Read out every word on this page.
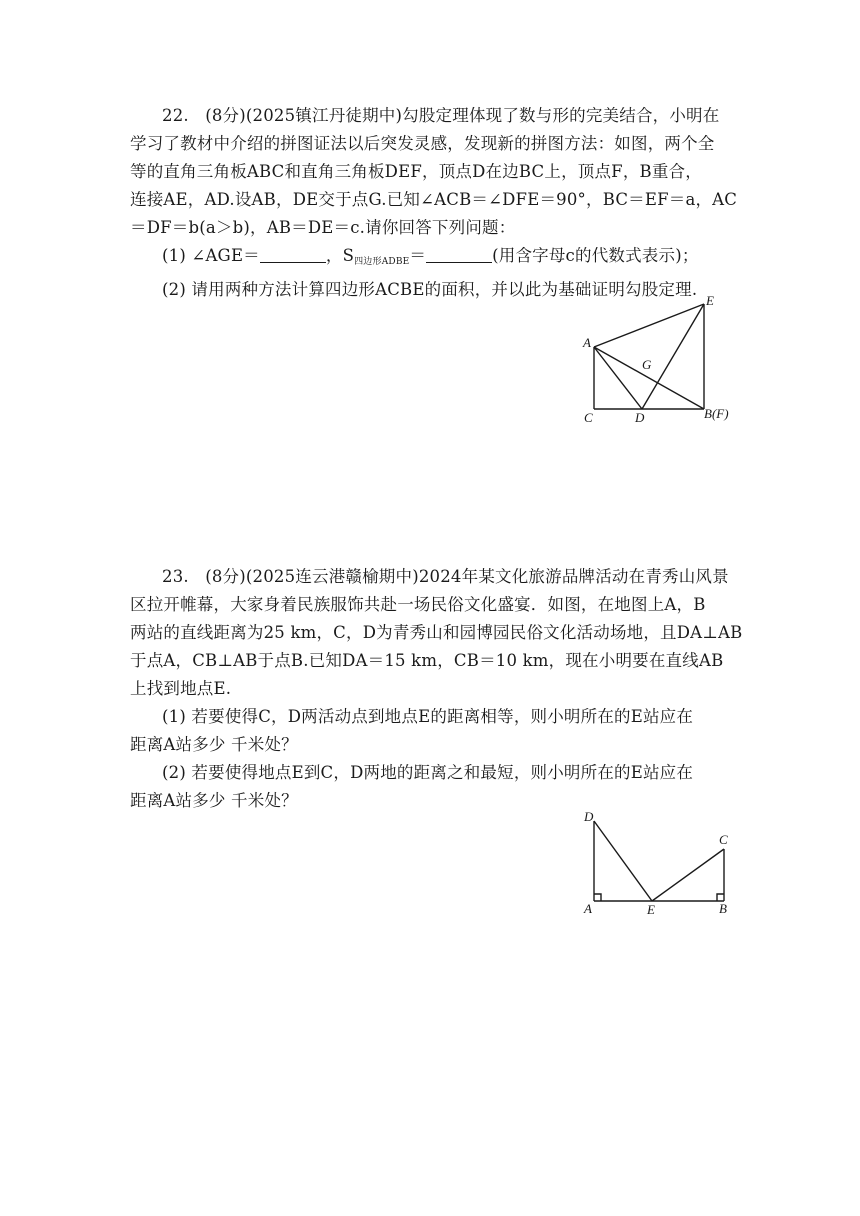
22. (8分)(2025镇江丹徒期中)勾股定理体现了数与形的完美结合，小明在
学习了教材中介绍的拼图证法以后突发灵感，发现新的拼图方法：如图，两个全
等的直角三角板ABC和直角三角板DEF，顶点D在边BC上，顶点F，B重合，
连接AE，AD.设AB，DE交于点G.已知∠ACB＝∠DFE＝90°，BC＝EF＝a，AC
＝DF＝b(a＞b)，AB＝DE＝c.请你回答下列问题：
(1) ∠AGE＝	，$S_{四边形ADBE}=$	(用含字母c的代数式表示)；
(2) 请用两种方法计算四边形ACBE的面积，并以此为基础证明勾股定理.
A
C	D
G
E
B(F)
23. (8分)(2025连云港赣榆期中)2024年某文化旅游品牌活动在青秀山风景
区拉开帷幕，大家身着民族服饰共赴一场民俗文化盛宴．如图，在地图上A，B
两站的直线距离为25 km，C，D为青秀山和园博园民俗文化活动场地，且DA⊥AB
于点A，CB⊥AB于点B.已知DA＝15 km，CB＝10 km，现在小明要在直线AB
上找到地点E.
(1) 若要使得C，D两活动点到地点E的距离相等，则小明所在的E站应在
距离A站多少 千米处？
(2) 若要使得地点E到C，D两地的距离之和最短，则小明所在的E站应在
距离A站多少 千米处？
D
C
A	E	B
